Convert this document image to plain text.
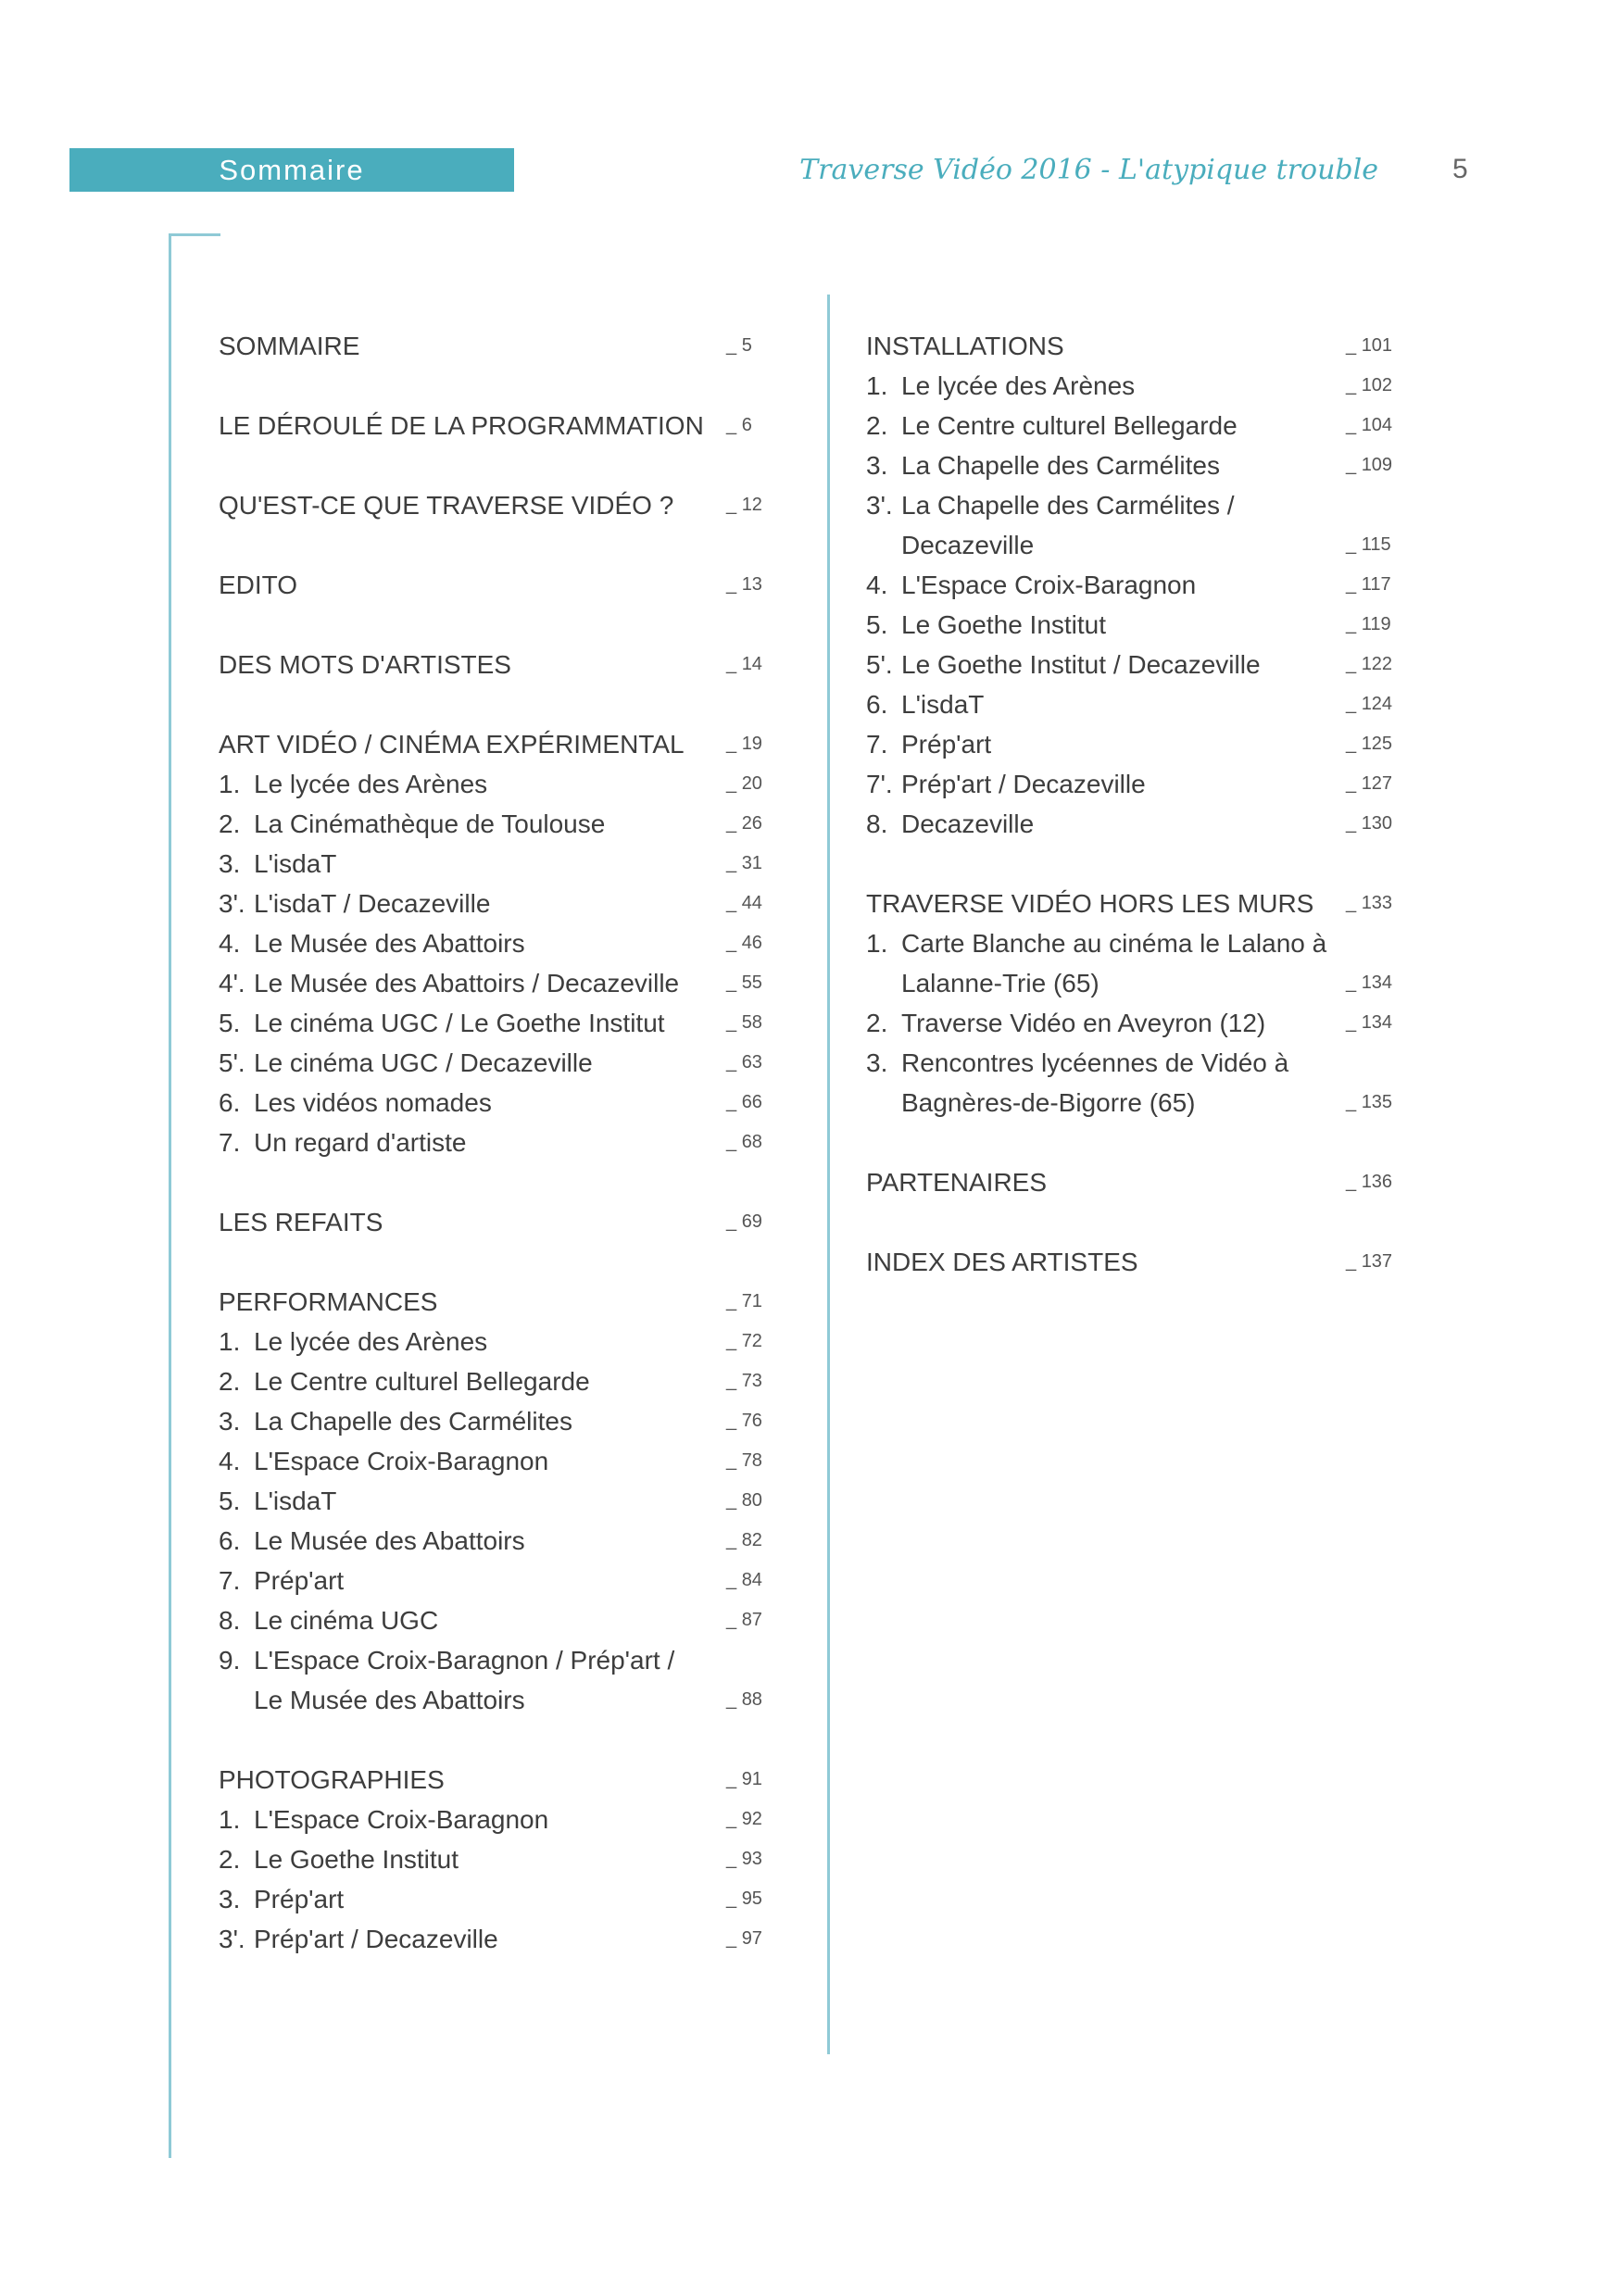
Sommaire	Traverse Vidéo 2016 - L'atypique trouble	5
SOMMAIRE	_ 5
LE DÉROULÉ DE LA PROGRAMMATION	_ 6
QU'EST-CE QUE TRAVERSE VIDÉO ?	_ 12
EDITO	_ 13
DES MOTS D'ARTISTES	_ 14
ART VIDÉO / CINÉMA EXPÉRIMENTAL	_ 19
1. Le lycée des Arènes	_ 20
2. La Cinémathèque de Toulouse	_ 26
3. L'isdaT	_ 31
3'. L'isdaT / Decazeville	_ 44
4. Le Musée des Abattoirs	_ 46
4'. Le Musée des Abattoirs / Decazeville	_ 55
5. Le cinéma UGC / Le Goethe Institut	_ 58
5'. Le cinéma UGC / Decazeville	_ 63
6. Les vidéos nomades	_ 66
7. Un regard d'artiste	_ 68
LES REFAITS	_ 69
PERFORMANCES	_ 71
1. Le lycée des Arènes	_ 72
2. Le Centre culturel Bellegarde	_ 73
3. La Chapelle des Carmélites	_ 76
4. L'Espace Croix-Baragnon	_ 78
5. L'isdaT	_ 80
6. Le Musée des Abattoirs	_ 82
7. Prép'art	_ 84
8. Le cinéma UGC	_ 87
9. L'Espace Croix-Baragnon / Prép'art /
Le Musée des Abattoirs	_ 88
PHOTOGRAPHIES	_ 91
1. L'Espace Croix-Baragnon	_ 92
2. Le Goethe Institut	_ 93
3. Prép'art	_ 95
3'. Prép'art / Decazeville	_ 97
INSTALLATIONS	_ 101
1. Le lycée des Arènes	_ 102
2. Le Centre culturel Bellegarde	_ 104
3. La Chapelle des Carmélites	_ 109
3'. La Chapelle des Carmélites /
Decazeville	_ 115
4. L'Espace Croix-Baragnon	_ 117
5. Le Goethe Institut	_ 119
5'. Le Goethe Institut / Decazeville	_ 122
6. L'isdaT	_ 124
7. Prép'art	_ 125
7'. Prép'art / Decazeville	_ 127
8. Decazeville	_ 130
TRAVERSE VIDÉO HORS LES MURS	_ 133
1. Carte Blanche au cinéma le Lalano à
Lalanne-Trie (65)	_ 134
2. Traverse Vidéo en Aveyron (12)	_ 134
3. Rencontres lycéennes de Vidéo à
Bagnères-de-Bigorre (65)	_ 135
PARTENAIRES	_ 136
INDEX DES ARTISTES	_ 137
